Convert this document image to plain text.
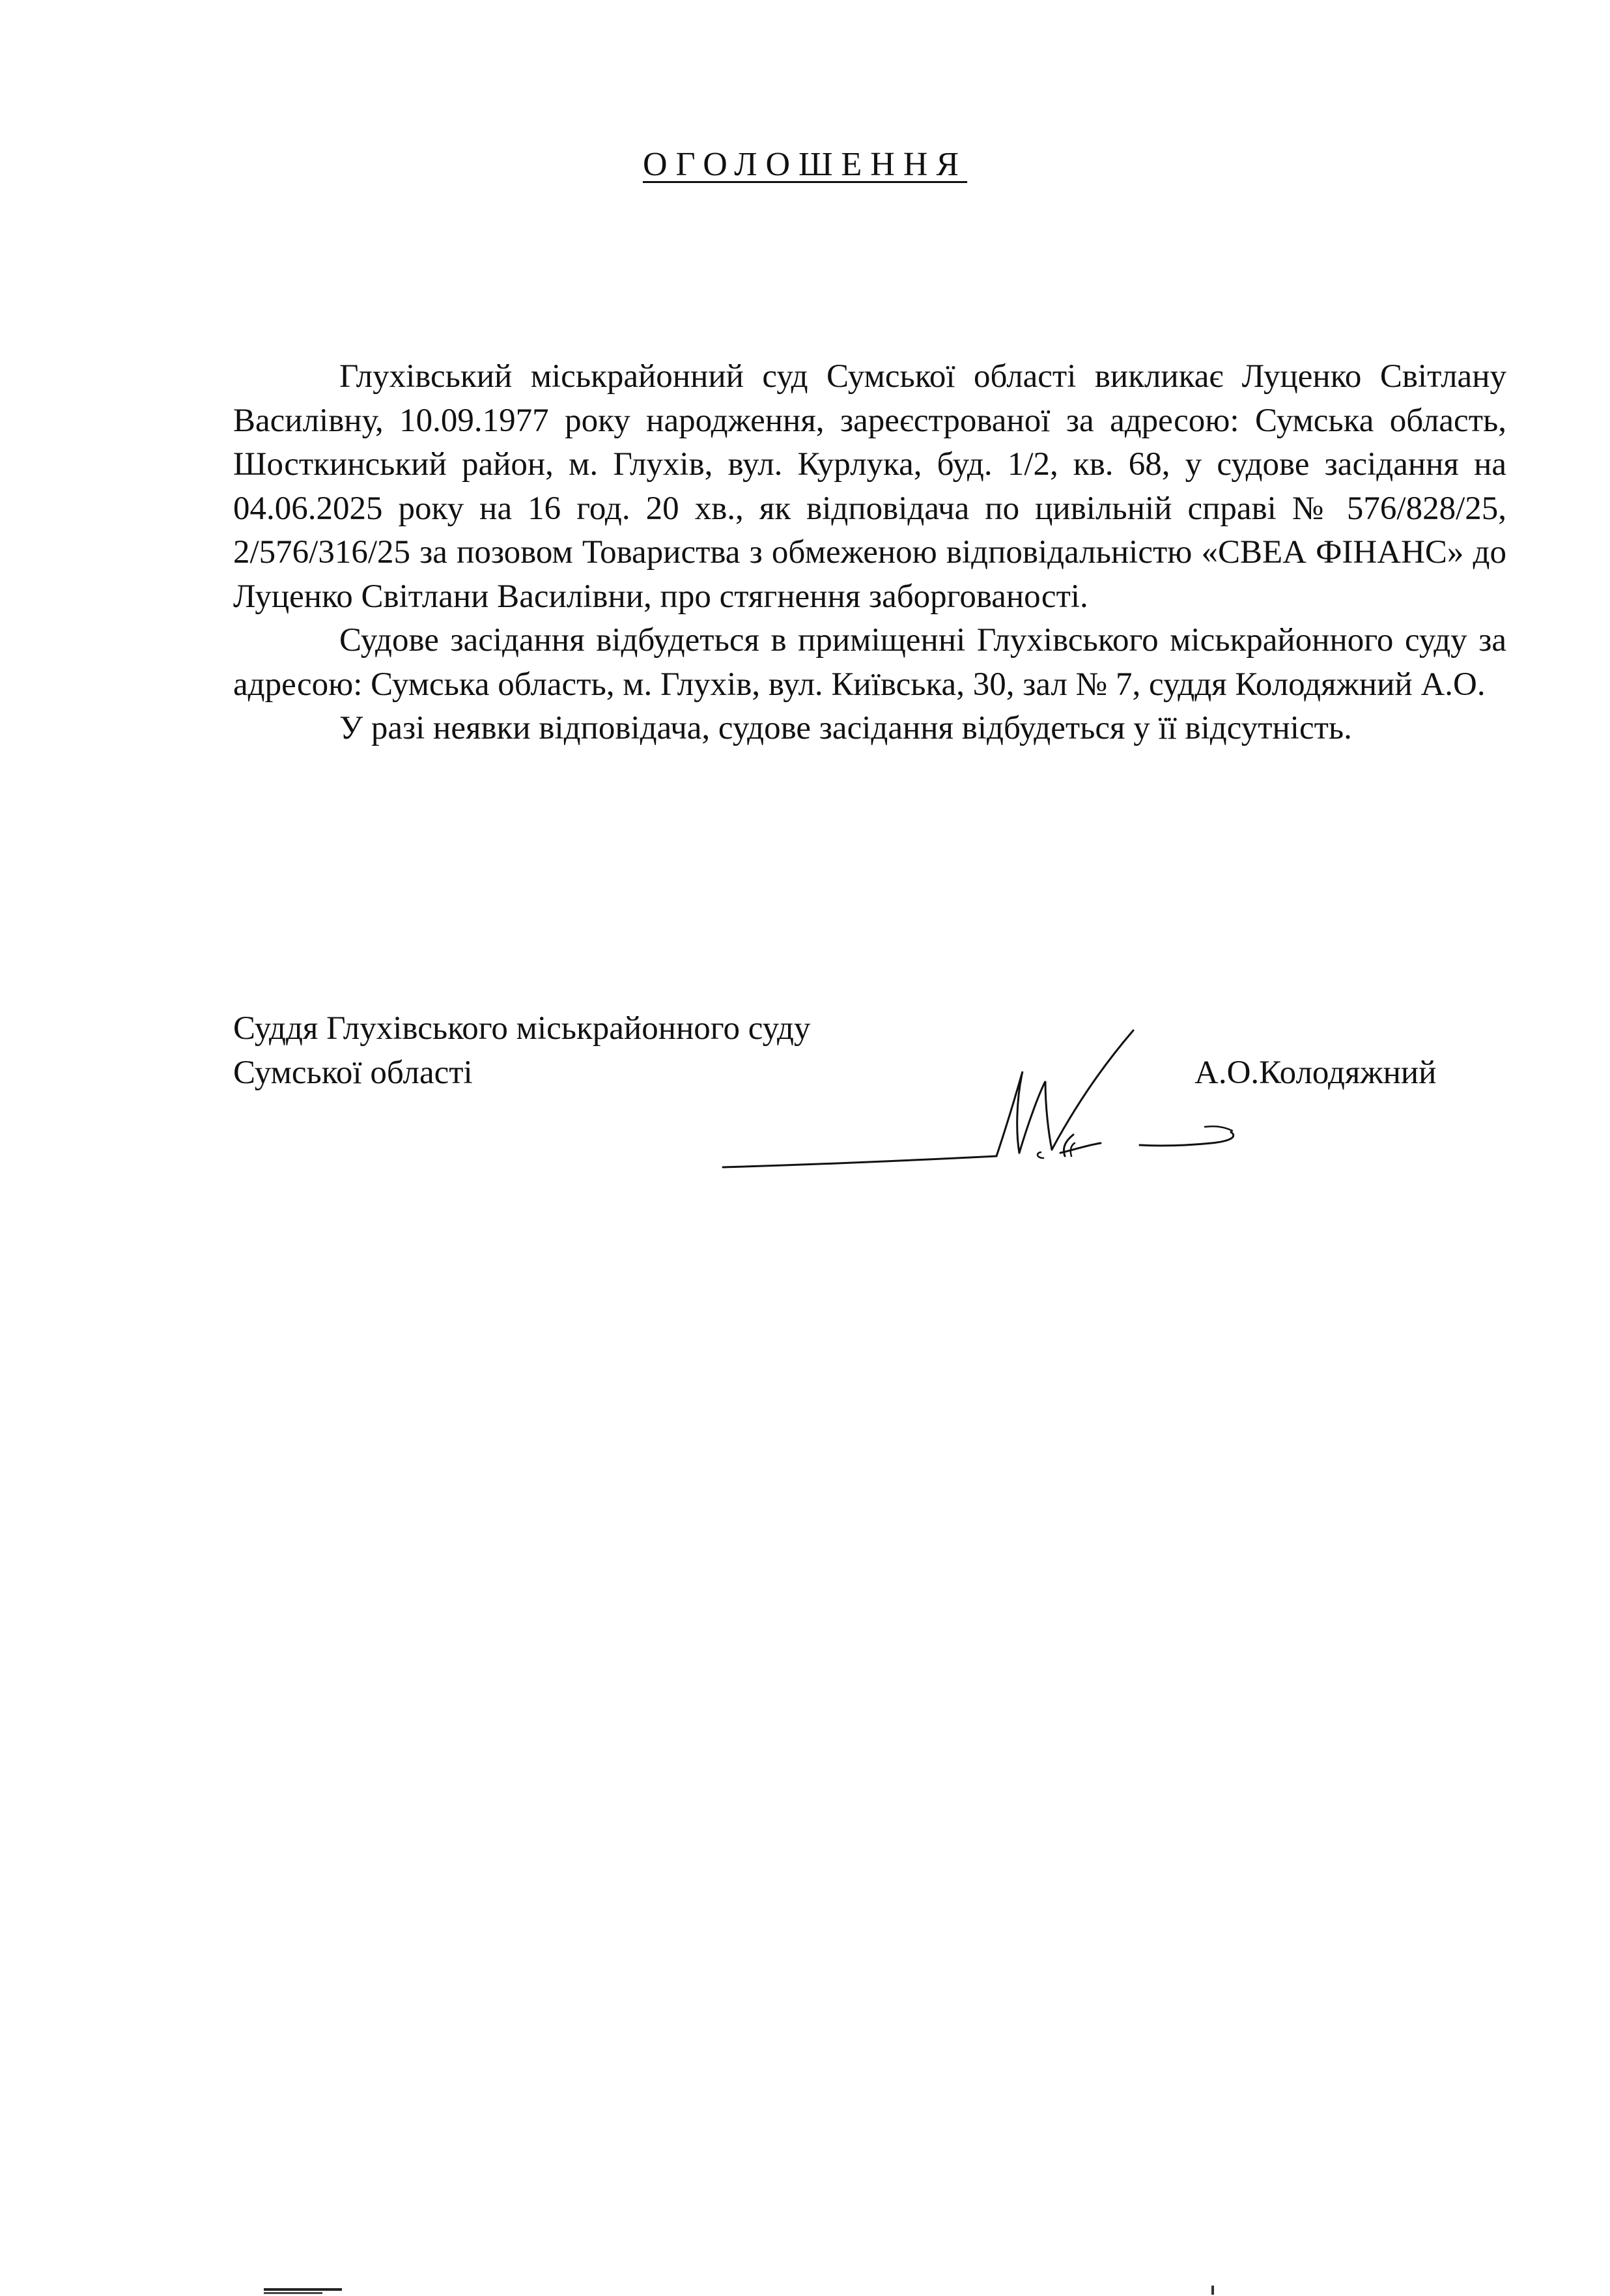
ОГОЛОШЕННЯ

Глухівський міськрайонний суд Сумської області викликає Луценко Світлану Василівну, 10.09.1977 року народження, зареєстрованої за адресою: Сумська область, Шосткинський район, м. Глухів, вул. Курлука, буд. 1/2, кв. 68, у судове засідання на 04.06.2025 року на 16 год. 20 хв., як відповідача по цивільній справі № 576/828/25, 2/576/316/25 за позовом Товариства з обмеженою відповідальністю «СВЕА ФІНАНС» до Луценко Світлани Василівни, про стягнення заборгованості.

Судове засідання відбудеться в приміщенні Глухівського міськрайонного суду за адресою: Сумська область, м. Глухів, вул. Київська, 30, зал № 7, суддя Колодяжний А.О.

У разі неявки відповідача, судове засідання відбудеться у її відсутність.

Суддя Глухівського міськрайонного суду
Сумської області	А.О.Колодяжний
